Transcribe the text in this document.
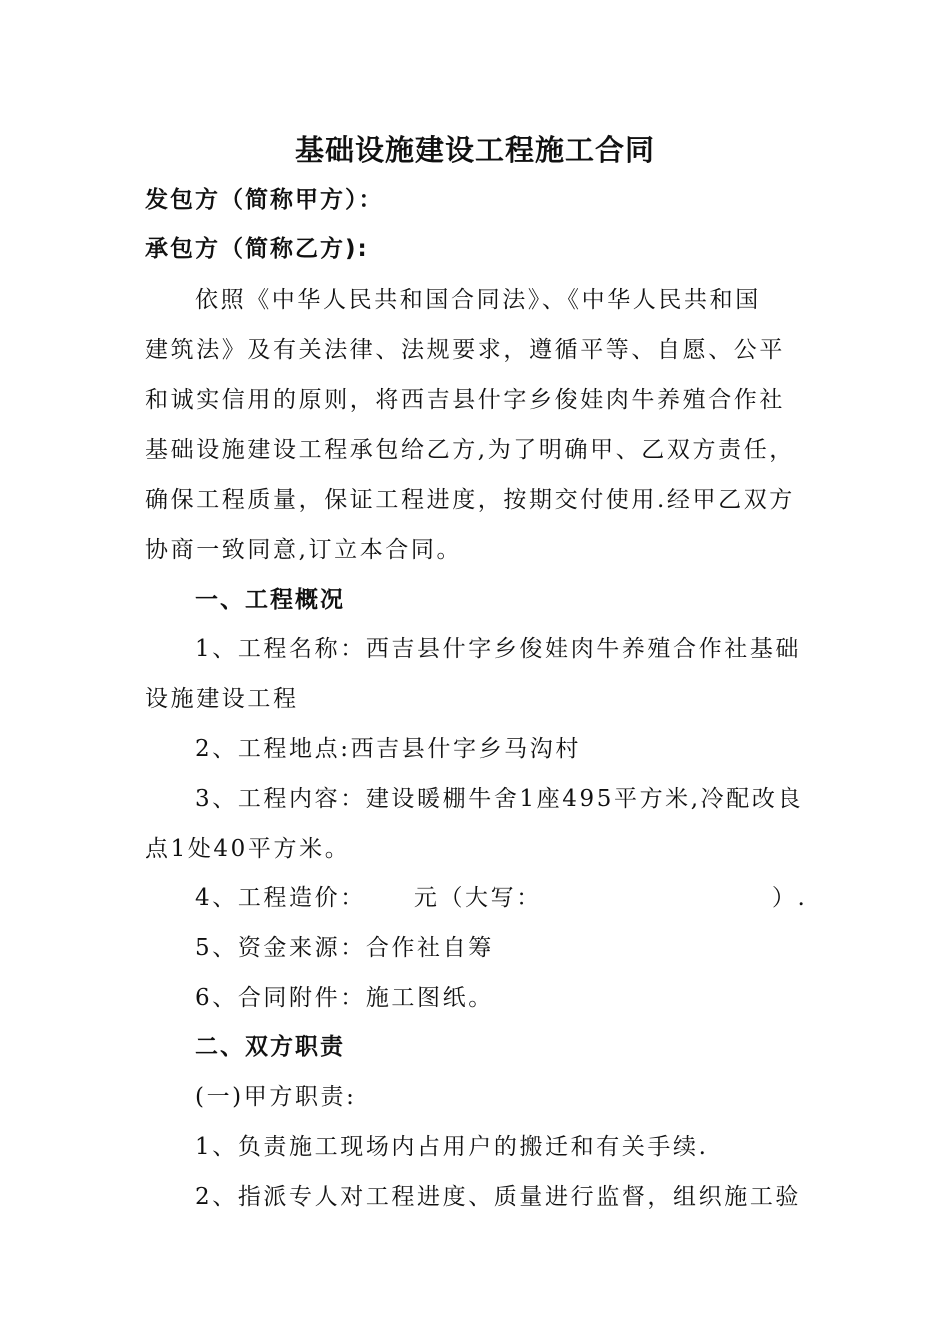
基础设施建设工程施工合同
发包方（简称甲方）：
承包方（简称乙方):
依照《中华人民共和国合同法》、《中华人民共和国
建筑法》及有关法律、法规要求，遵循平等、自愿、公平
和诚实信用的原则，将西吉县什字乡俊娃肉牛养殖合作社
基础设施建设工程承包给乙方,为了明确甲、乙双方责任，
确保工程质量，保证工程进度，按期交付使用.经甲乙双方
协商一致同意,订立本合同。
一、工程概况
1、工程名称：西吉县什字乡俊娃肉牛养殖合作社基础
设施建设工程
2、工程地点:西吉县什字乡马沟村
3、工程内容：建设暖棚牛舍1座495平方米,冷配改良
点1处40平方米。
4、工程造价： 元（大写：	）.
5、资金来源：合作社自筹
6、合同附件：施工图纸。
二、双方职责
(一)甲方职责:
1、负责施工现场内占用户的搬迁和有关手续.
2、指派专人对工程进度、质量进行监督，组织施工验
